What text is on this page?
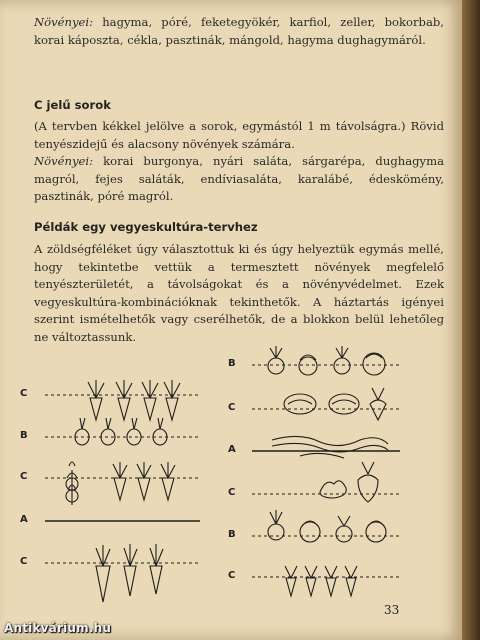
Növényei: hagyma, póré, feketegyökér, karfiol, zeller, bokorbab, korai káposzta, cékla, pasztinák, mángold, hagyma dughagymáról.

C jelű sorok

(A tervben kékkel jelölve a sorok, egymástól 1 m távolságra.) Rövid tenyészidejű és alacsony növények számára.

Növényei: korai burgonya, nyári saláta, sárgarépa, dughagyma magról, fejes saláták, endíviasaláta, karalábé, édeskömény, pasztinák, póré magról.

Példák egy vegyeskultúra-tervhez

A zöldségféléket úgy választottuk ki és úgy helyeztük egymás mellé, hogy tekintetbe vettük a termesztett növények megfelelő tenyészterületét, a távolságokat és a növényvédelmet. Ezek vegyeskultúra-kombinációknak tekinthetők. A háztartás igényei szerint ismételhetők vagy cserélhetők, de a blokkon belül lehetőleg ne változtassunk.

C
B
C
A
C
B
C
A
C
B
C
33
Antikvárium.hu
